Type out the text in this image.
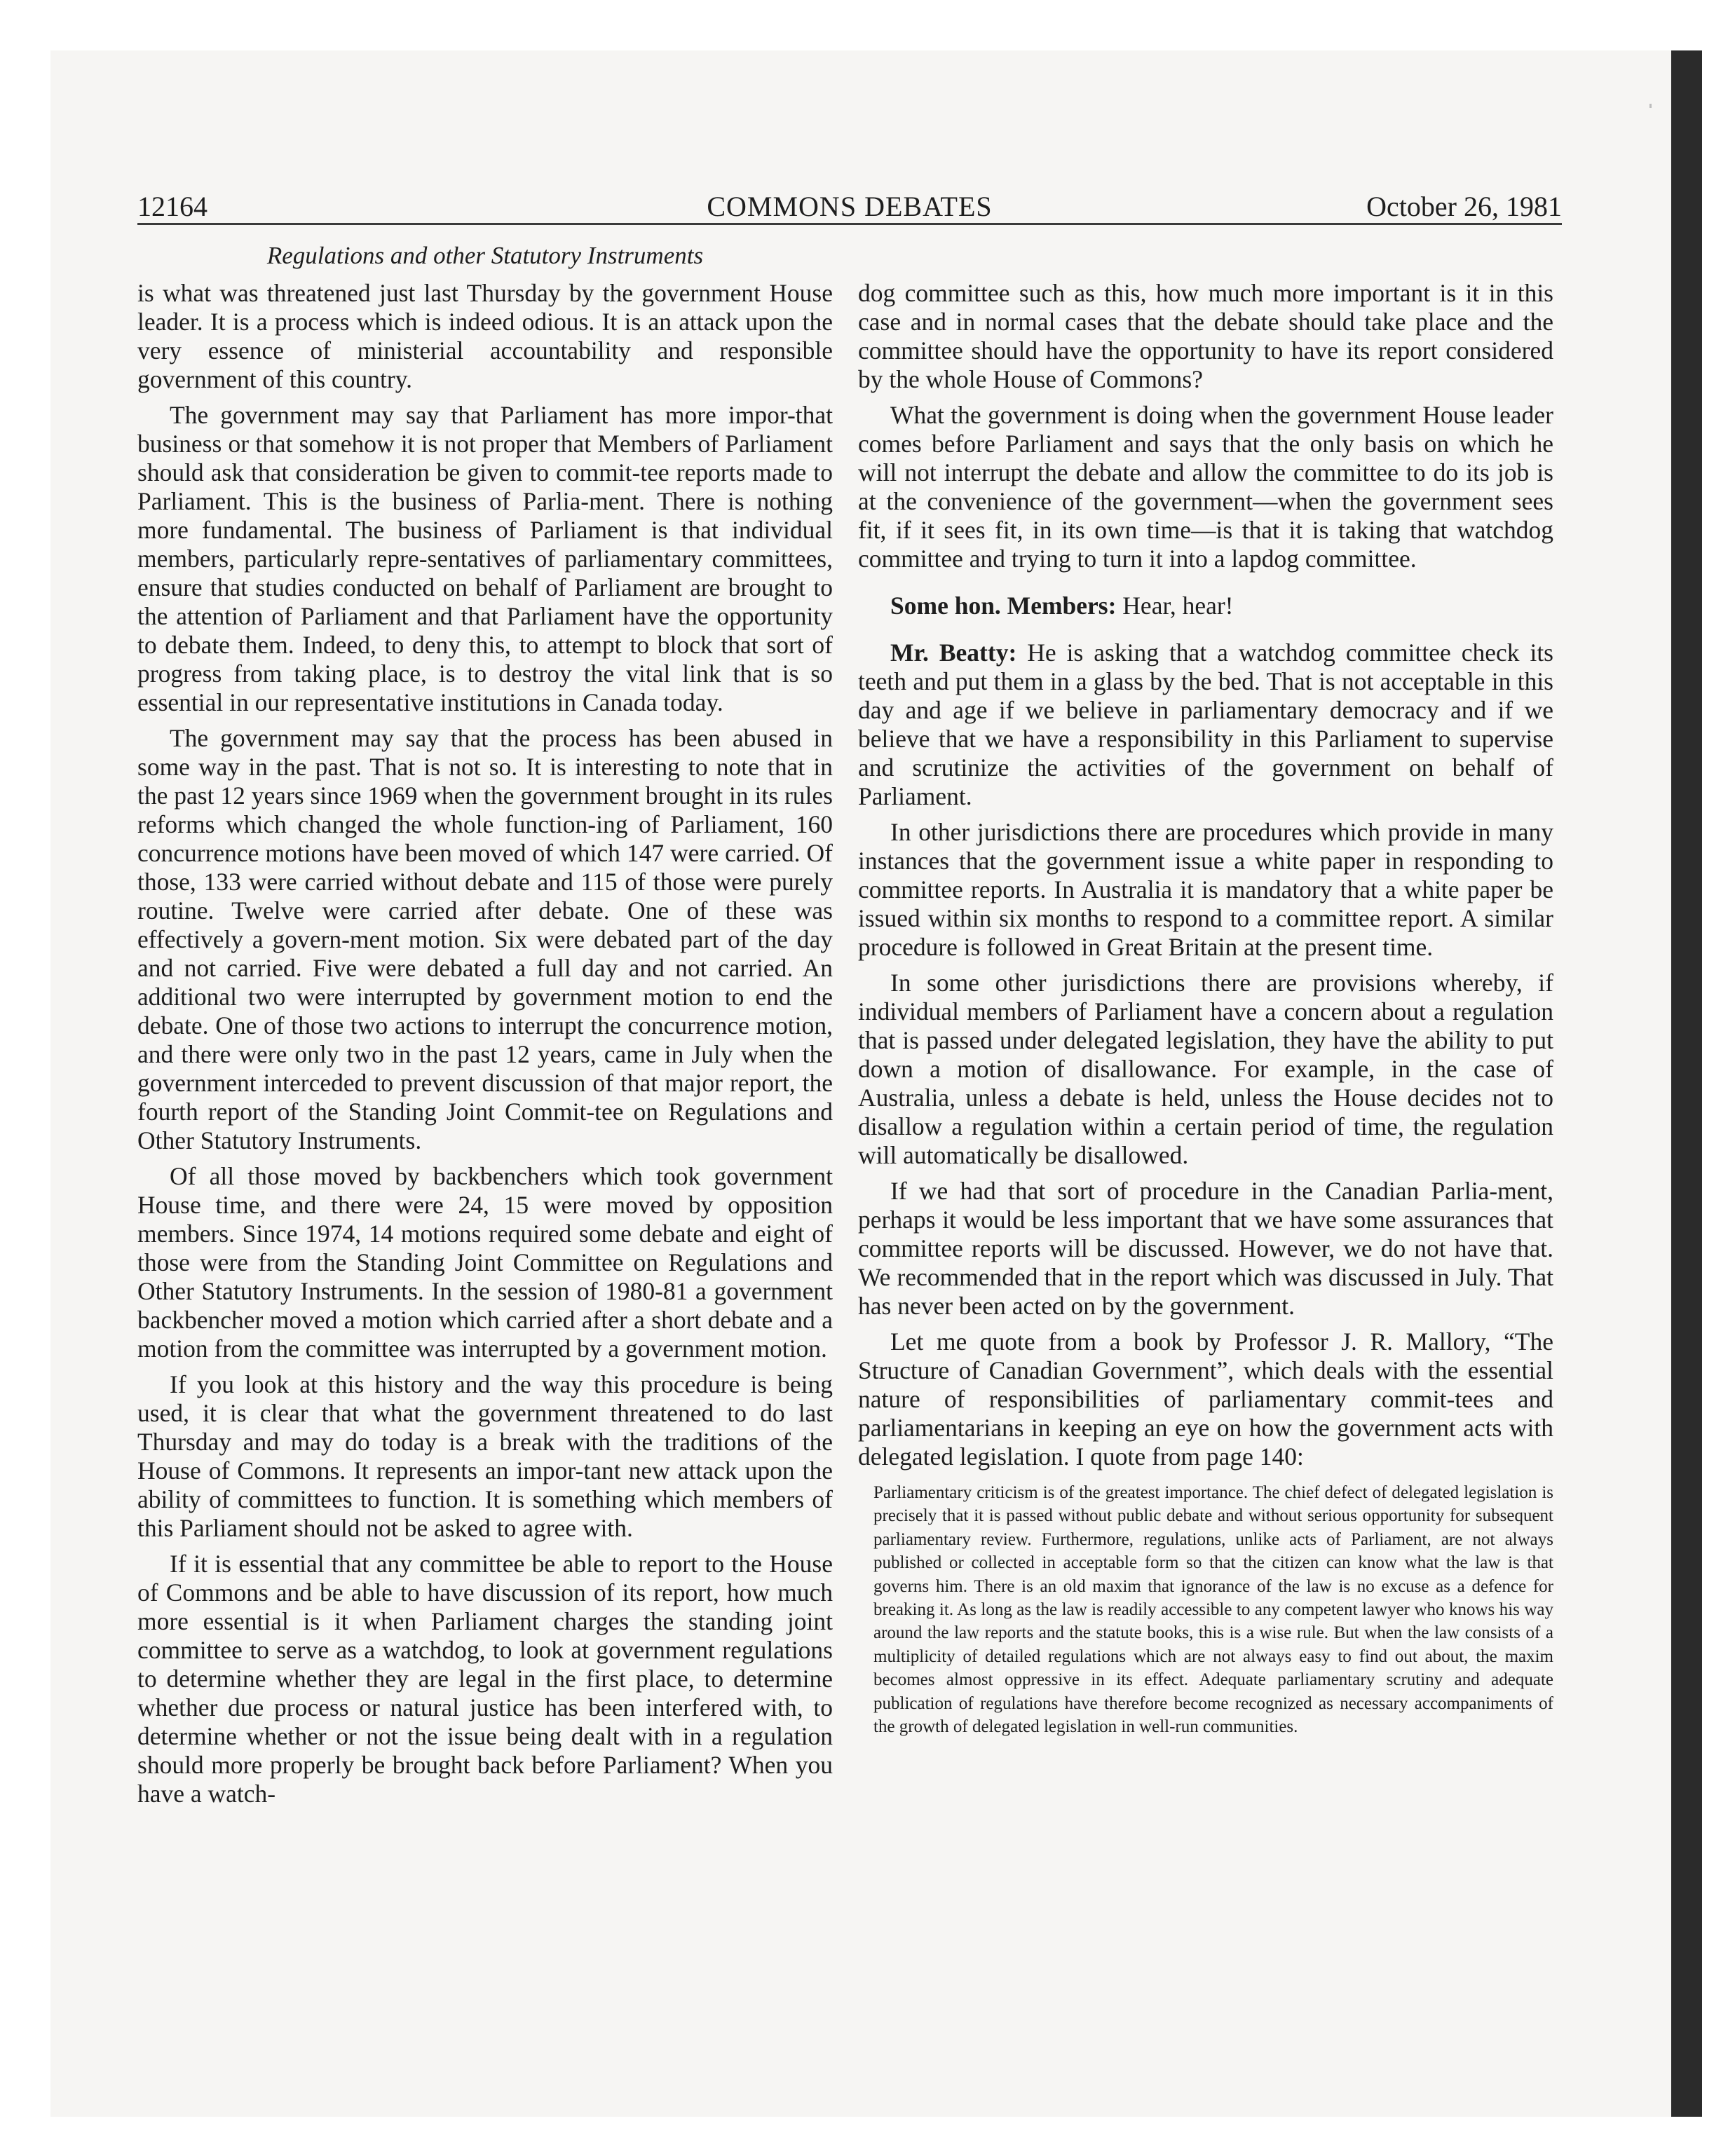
12164	COMMONS DEBATES	October 26, 1981
Regulations and other Statutory Instruments

is what was threatened just last Thursday by the government House leader. It is a process which is indeed odious. It is an attack upon the very essence of ministerial accountability and responsible government of this country.

The government may say that Parliament has more impor-that business or that somehow it is not proper that Members of Parliament should ask that consideration be given to commit-tee reports made to Parliament. This is the business of Parlia-ment. There is nothing more fundamental. The business of Parliament is that individual members, particularly repre-sentatives of parliamentary committees, ensure that studies conducted on behalf of Parliament are brought to the attention of Parliament and that Parliament have the opportunity to debate them. Indeed, to deny this, to attempt to block that sort of progress from taking place, is to destroy the vital link that is so essential in our representative institutions in Canada today.

The government may say that the process has been abused in some way in the past. That is not so. It is interesting to note that in the past 12 years since 1969 when the government brought in its rules reforms which changed the whole function-ing of Parliament, 160 concurrence motions have been moved of which 147 were carried. Of those, 133 were carried without debate and 115 of those were purely routine. Twelve were carried after debate. One of these was effectively a govern-ment motion. Six were debated part of the day and not carried. Five were debated a full day and not carried. An additional two were interrupted by government motion to end the debate. One of those two actions to interrupt the concurrence motion, and there were only two in the past 12 years, came in July when the government interceded to prevent discussion of that major report, the fourth report of the Standing Joint Commit-tee on Regulations and Other Statutory Instruments.

Of all those moved by backbenchers which took government House time, and there were 24, 15 were moved by opposition members. Since 1974, 14 motions required some debate and eight of those were from the Standing Joint Committee on Regulations and Other Statutory Instruments. In the session of 1980-81 a government backbencher moved a motion which carried after a short debate and a motion from the committee was interrupted by a government motion.

If you look at this history and the way this procedure is being used, it is clear that what the government threatened to do last Thursday and may do today is a break with the traditions of the House of Commons. It represents an impor-tant new attack upon the ability of committees to function. It is something which members of this Parliament should not be asked to agree with.

If it is essential that any committee be able to report to the House of Commons and be able to have discussion of its report, how much more essential is it when Parliament charges the standing joint committee to serve as a watchdog, to look at government regulations to determine whether they are legal in the first place, to determine whether due process or natural justice has been interfered with, to determine whether or not the issue being dealt with in a regulation should more properly be brought back before Parliament? When you have a watch-

dog committee such as this, how much more important is it in this case and in normal cases that the debate should take place and the committee should have the opportunity to have its report considered by the whole House of Commons?

What the government is doing when the government House leader comes before Parliament and says that the only basis on which he will not interrupt the debate and allow the committee to do its job is at the convenience of the government—when the government sees fit, if it sees fit, in its own time—is that it is taking that watchdog committee and trying to turn it into a lapdog committee.

Some hon. Members: Hear, hear!

Mr. Beatty: He is asking that a watchdog committee check its teeth and put them in a glass by the bed. That is not acceptable in this day and age if we believe in parliamentary democracy and if we believe that we have a responsibility in this Parliament to supervise and scrutinize the activities of the government on behalf of Parliament.

In other jurisdictions there are procedures which provide in many instances that the government issue a white paper in responding to committee reports. In Australia it is mandatory that a white paper be issued within six months to respond to a committee report. A similar procedure is followed in Great Britain at the present time.

In some other jurisdictions there are provisions whereby, if individual members of Parliament have a concern about a regulation that is passed under delegated legislation, they have the ability to put down a motion of disallowance. For example, in the case of Australia, unless a debate is held, unless the House decides not to disallow a regulation within a certain period of time, the regulation will automatically be disallowed.

If we had that sort of procedure in the Canadian Parlia-ment, perhaps it would be less important that we have some assurances that committee reports will be discussed. However, we do not have that. We recommended that in the report which was discussed in July. That has never been acted on by the government.

Let me quote from a book by Professor J. R. Mallory, “The Structure of Canadian Government”, which deals with the essential nature of responsibilities of parliamentary commit-tees and parliamentarians in keeping an eye on how the government acts with delegated legislation. I quote from page 140:

Parliamentary criticism is of the greatest importance. The chief defect of delegated legislation is precisely that it is passed without public debate and without serious opportunity for subsequent parliamentary review. Furthermore, regulations, unlike acts of Parliament, are not always published or collected in acceptable form so that the citizen can know what the law is that governs him. There is an old maxim that ignorance of the law is no excuse as a defence for breaking it. As long as the law is readily accessible to any competent lawyer who knows his way around the law reports and the statute books, this is a wise rule. But when the law consists of a multiplicity of detailed regulations which are not always easy to find out about, the maxim becomes almost oppressive in its effect. Adequate parliamentary scrutiny and adequate publication of regulations have therefore become recognized as necessary accompaniments of the growth of delegated legislation in well-run communities.
